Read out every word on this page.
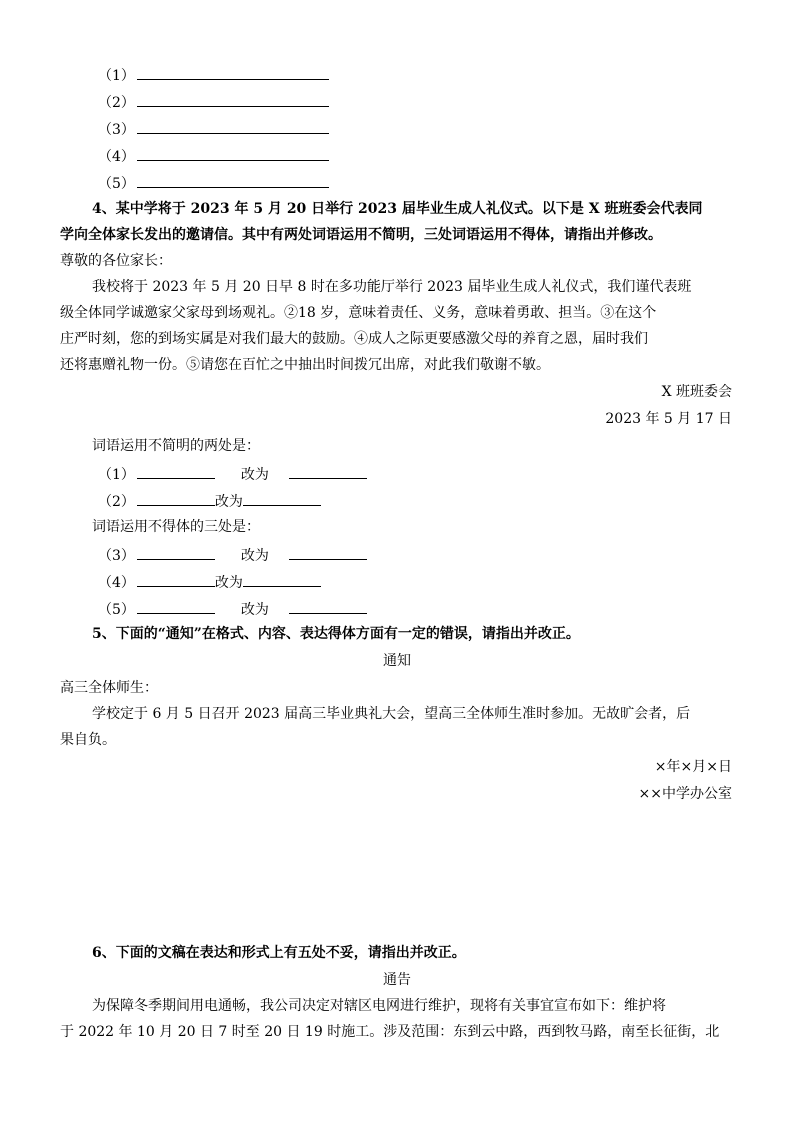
（1）
（2）
（3）
（4）
（5）
4、某中学将于 2023 年 5 月 20 日举行 2023 届毕业生成人礼仪式。以下是 X 班班委会代表同
学向全体家长发出的邀请信。其中有两处词语运用不简明，三处词语运用不得体，请指出并修改。
尊敬的各位家长：
我校将于 2023 年 5 月 20 日早 8 时在多功能厅举行 2023 届毕业生成人礼仪式，我们谨代表班
级全体同学诚邀家父家母到场观礼。②18 岁，意味着责任、义务，意味着勇敢、担当。③在这个
庄严时刻，您的到场实属是对我们最大的鼓励。④成人之际更要感激父母的养育之恩，届时我们
还将惠赠礼物一份。⑤请您在百忙之中抽出时间拨冗出席，对此我们敬谢不敏。
X 班班委会
2023 年 5 月 17 日
词语运用不简明的两处是：
（1）	改为
（2）	改为
词语运用不得体的三处是：
（3）	改为
（4）	改为
（5）	改为
5、下面的“通知”在格式、内容、表达得体方面有一定的错误，请指出并改正。
通知
高三全体师生：
学校定于 6 月 5 日召开 2023 届高三毕业典礼大会，望高三全体师生准时参加。无故旷会者，后
果自负。
×年×月×日
××中学办公室
6、下面的文稿在表达和形式上有五处不妥，请指出并改正。
通告
为保障冬季期间用电通畅，我公司决定对辖区电网进行维护，现将有关事宜宣布如下：维护将
于 2022 年 10 月 20 日 7 时至 20 日 19 时施工。涉及范围：东到云中路，西到牧马路，南至长征街，北
